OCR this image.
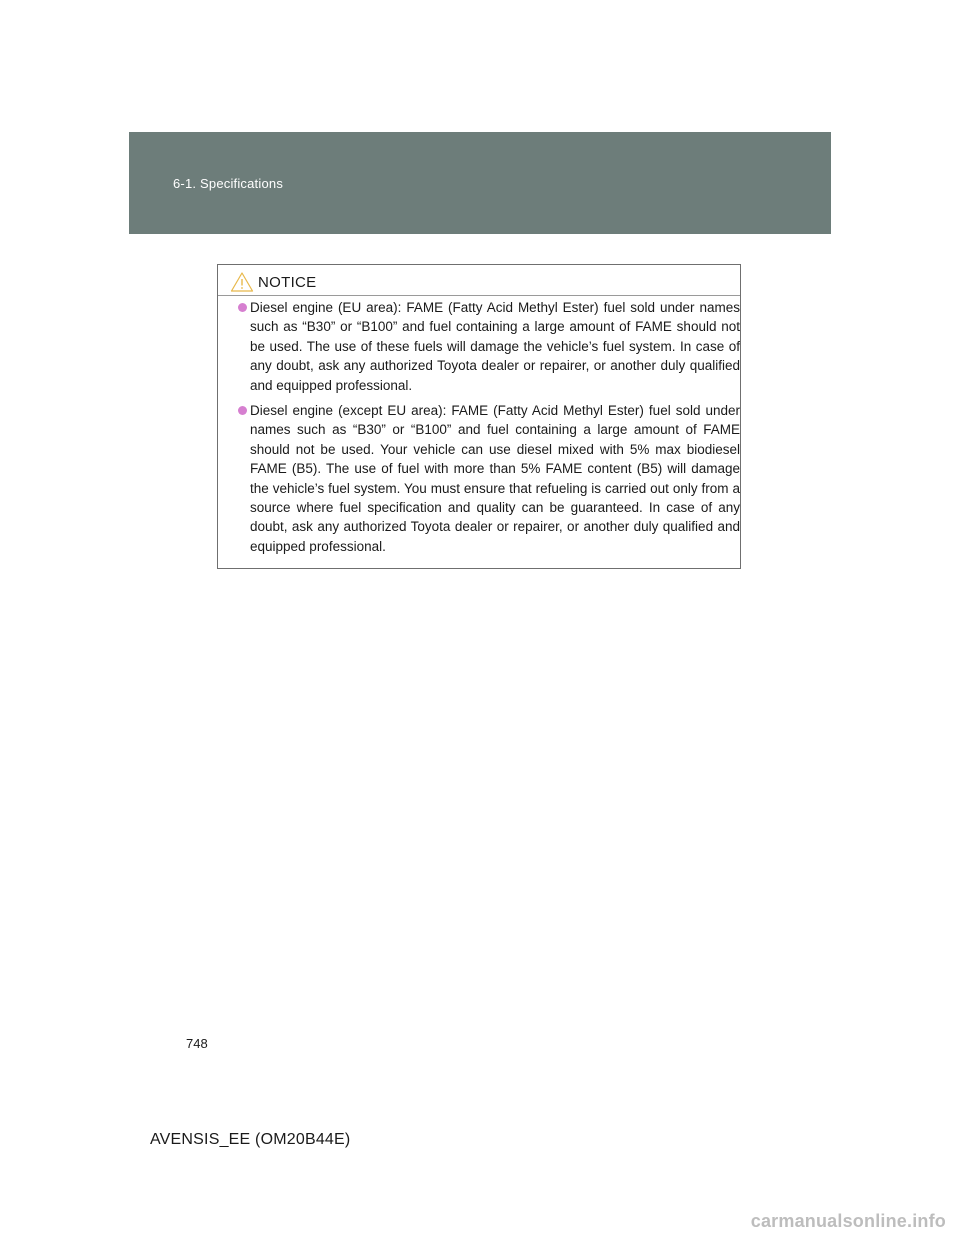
6-1. Specifications
NOTICE
Diesel engine (EU area): FAME (Fatty Acid Methyl Ester) fuel sold under names such as “B30” or “B100” and fuel containing a large amount of FAME should not be used. The use of these fuels will damage the vehicle’s fuel system. In case of any doubt, ask any authorized Toyota dealer or repairer, or another duly qualified and equipped professional.
Diesel engine (except EU area): FAME (Fatty Acid Methyl Ester) fuel sold under names such as “B30” or “B100” and fuel containing a large amount of FAME should not be used. Your vehicle can use diesel mixed with 5% max biodiesel FAME (B5). The use of fuel with more than 5% FAME content (B5) will damage the vehicle’s fuel system. You must ensure that refueling is carried out only from a source where fuel specification and quality can be guaranteed. In case of any doubt, ask any authorized Toyota dealer or repairer, or another duly qualified and equipped professional.
748
AVENSIS_EE (OM20B44E)
carmanualsonline.info
